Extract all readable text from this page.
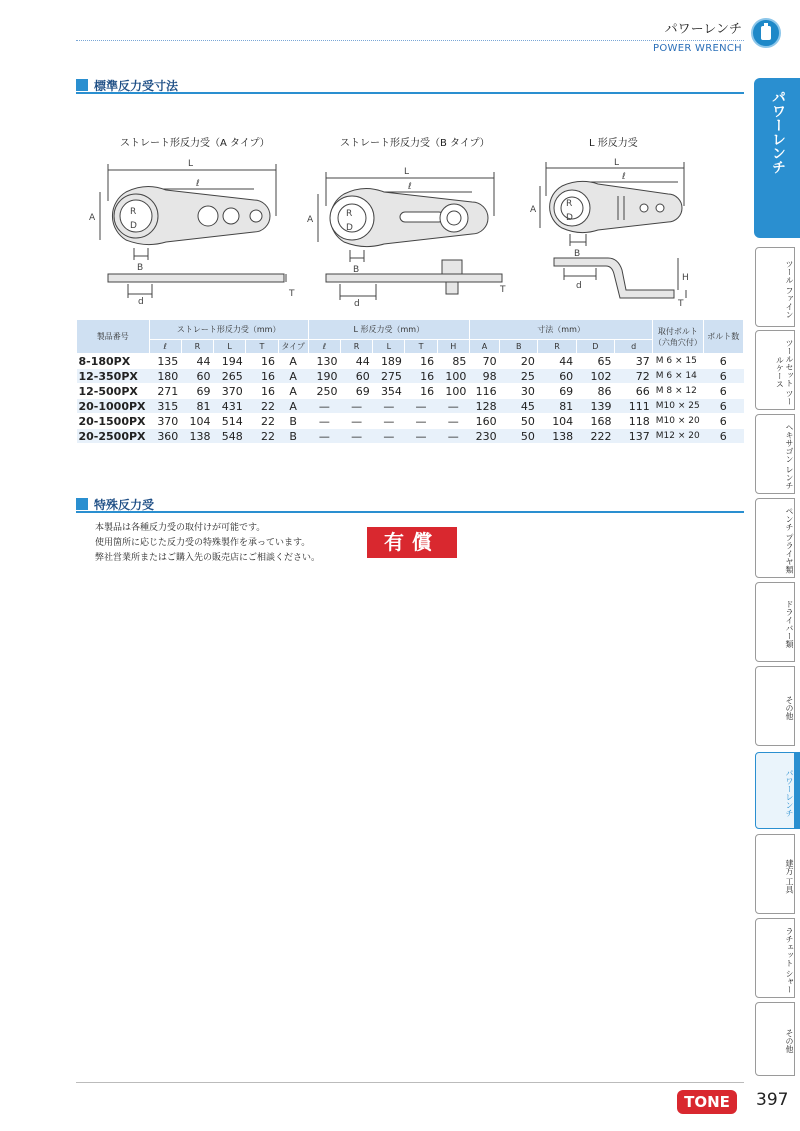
パワーレンチ
POWER WRENCH
標準反力受寸法
ストレート形反力受（A タイプ）	ストレート形反力受（B タイプ）	L 形反力受
L
ℓ
A
B
R
D
d
T
L
ℓ
A
B
R
D
d
T
L
ℓ
A
B
R
D
d
H
T
製品番号	ストレート形反力受（mm）					L 形反力受（mm）					寸法（mm）					取付ボルト（六角穴付）	ボルト数
	ℓ	R	L	T	タイプ	ℓ	R	L	T	H	A	B	R	D	d		
8-180PX	135	44	194	16	A	130	44	189	16	85	70	20	44	65	37	M 6 × 15	6
12-350PX	180	60	265	16	A	190	60	275	16	100	98	25	60	102	72	M 6 × 14	6
12-500PX	271	69	370	16	A	250	69	354	16	100	116	30	69	86	66	M 8 × 12	6
20-1000PX	315	81	431	22	A	—	—	—	—	—	128	45	81	139	111	M10 × 25	6
20-1500PX	370	104	514	22	B	—	—	—	—	—	160	50	104	168	118	M10 × 20	6
20-2500PX	360	138	548	22	B	—	—	—	—	—	230	50	138	222	137	M12 × 20	6
特殊反力受
本製品は各種反力受の取付けが可能です。
使用箇所に応じた反力受の特殊製作を承っています。
弊社営業所またはご購入先の販売店にご相談ください。
有償
パワーレンチ
ツール ファイン
ツールセット ツールケース
ヘキサゴン レンチ
ペンチ プライヤ類
ドライバー類
その他
パワーレンチ
建方 工具
ラチェット シャー
その他
TONE	397
